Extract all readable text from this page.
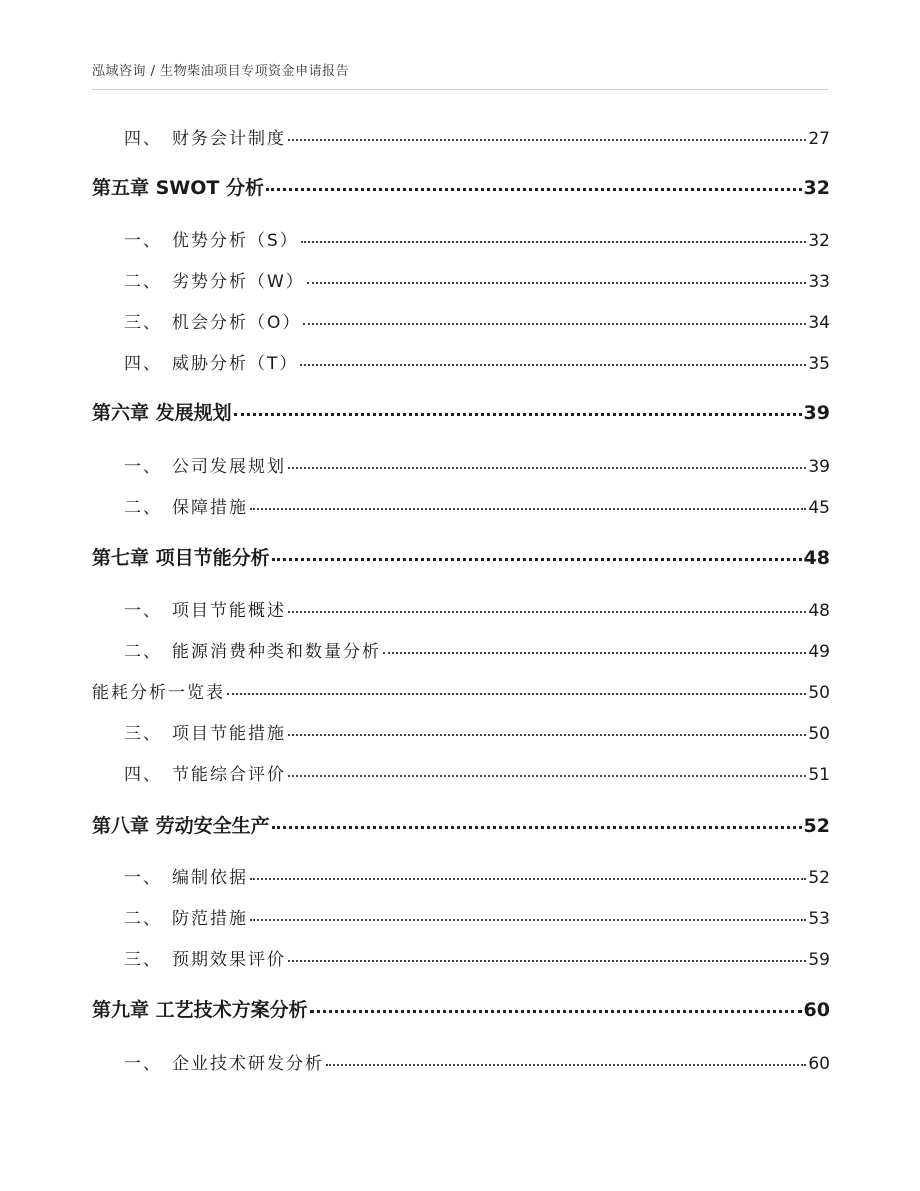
泓域咨询 / 生物柴油项目专项资金申请报告
四、 财务会计制度	27
第五章 SWOT 分析	32
一、 优势分析（S）	32
二、 劣势分析（W）	33
三、 机会分析（O）	34
四、 威胁分析（T）	35
第六章 发展规划	39
一、 公司发展规划	39
二、 保障措施	45
第七章 项目节能分析	48
一、 项目节能概述	48
二、 能源消费种类和数量分析	49
能耗分析一览表	50
三、 项目节能措施	50
四、 节能综合评价	51
第八章 劳动安全生产	52
一、 编制依据	52
二、 防范措施	53
三、 预期效果评价	59
第九章 工艺技术方案分析	60
一、 企业技术研发分析	60
